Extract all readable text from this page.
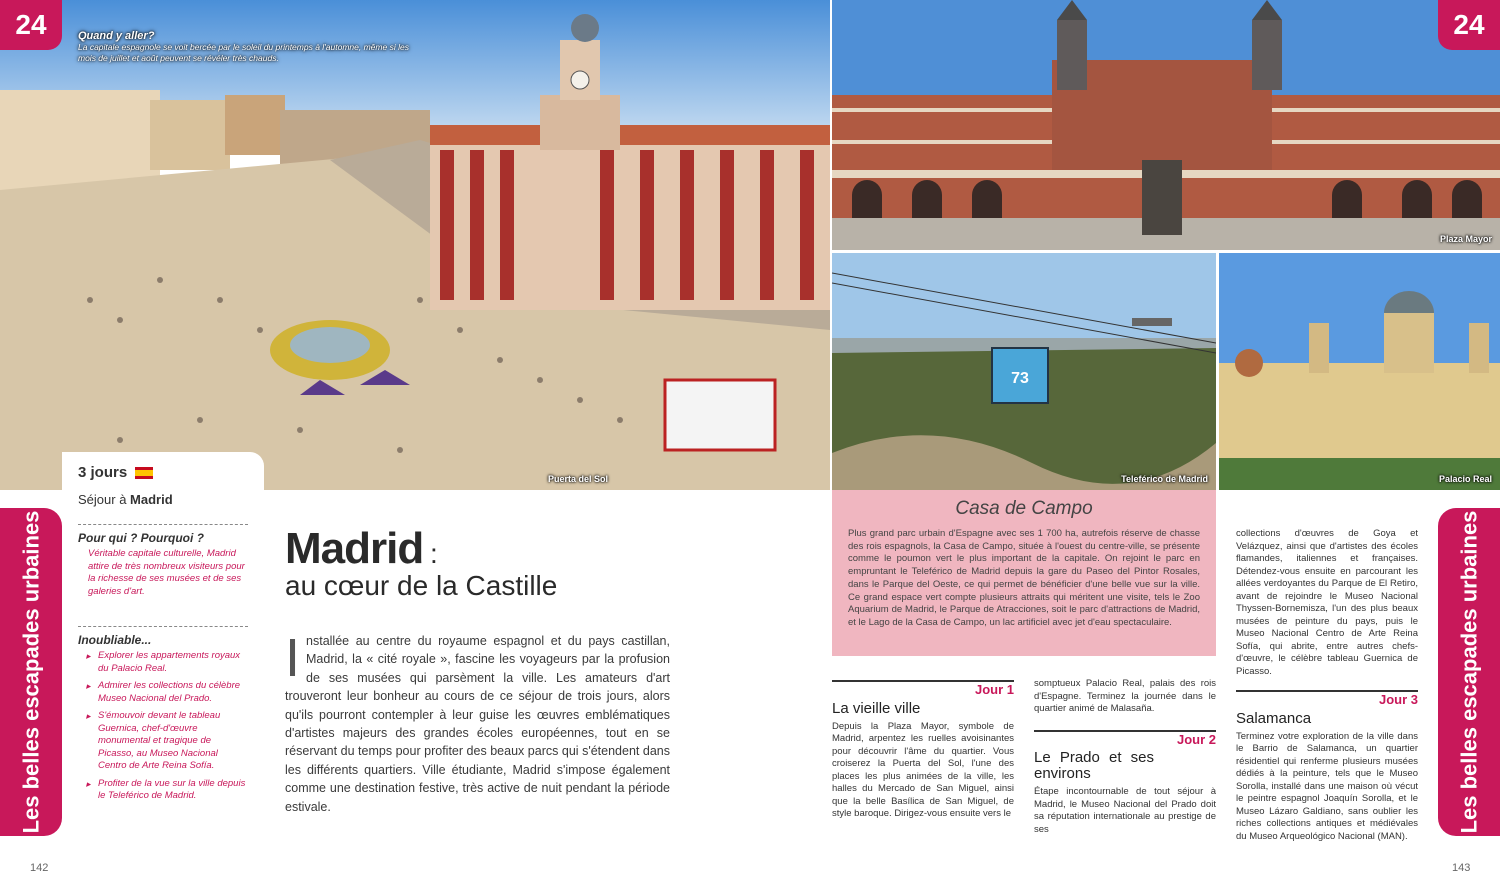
Puerta del Sol
Plaza Mayor
73
Teleférico de Madrid	Palacio Real
24	24
Quand y aller?

La capitale espagnole se voit bercée par le soleil du printemps à l'automne, même si les mois de juillet et août peuvent se révéler très chauds.

3 jours
Séjour à Madrid
Pour qui ? Pourquoi ?

Véritable capitale culturelle, Madrid attire de très nombreux visiteurs pour la richesse de ses musées et de ses galeries d'art.

Inoubliable...
▸ Explorer les appartements royaux du Palacio Real.
▸ Admirer les collections du célèbre Museo Nacional del Prado.
▸ S'émouvoir devant le tableau Guernica, chef-d'œuvre monumental et tragique de Picasso, au Museo Nacional Centro de Arte Reina Sofía.
▸ Profiter de la vue sur la ville depuis le Teleférico de Madrid.
Les belles escapades urbaines	Les belles escapades urbaines
Madrid :
au cœur de la Castille
Installée au centre du royaume espagnol et du pays castillan, Madrid, la « cité royale », fascine les voyageurs par la profusion de ses musées qui parsèment la ville. Les amateurs d'art trouveront leur bonheur au cours de ce séjour de trois jours, alors qu'ils pourront contempler à leur guise les œuvres emblématiques d'artistes majeurs des grandes écoles européennes, tout en se réservant du temps pour profiter des beaux parcs qui s'étendent dans les différents quartiers. Ville étudiante, Madrid s'impose également comme une destination festive, très active de nuit pendant la période estivale.
142	143
Casa de Campo

Plus grand parc urbain d'Espagne avec ses 1 700 ha, autrefois réserve de chasse des rois espagnols, la Casa de Campo, située à l'ouest du centre-ville, se présente comme le poumon vert le plus important de la capitale. On rejoint le parc en empruntant le Teleférico de Madrid depuis la gare du Paseo del Pintor Rosales, dans le Parque del Oeste, ce qui permet de bénéficier d'une belle vue sur la ville. Ce grand espace vert compte plusieurs attraits qui méritent une visite, tels le Zoo Aquarium de Madrid, le Parque de Atracciones, soit le parc d'attractions de Madrid, et le Lago de la Casa de Campo, un lac artificiel avec jet d'eau spectaculaire.

Jour 1
La vieille ville

Depuis la Plaza Mayor, symbole de Madrid, arpentez les ruelles avoisinantes pour découvrir l'âme du quartier. Vous croiserez la Puerta del Sol, l'une des places les plus animées de la ville, les halles du Mercado de San Miguel, ainsi que la belle Basílica de San Miguel, de style baroque. Dirigez-vous ensuite vers le

somptueux Palacio Real, palais des rois d'Espagne. Terminez la journée dans le quartier animé de Malasaña.

Jour 2
Le Prado et ses environs

Étape incontournable de tout séjour à Madrid, le Museo Nacional del Prado doit sa réputation internationale au prestige de ses

collections d'œuvres de Goya et Velázquez, ainsi que d'artistes des écoles flamandes, italiennes et françaises. Détendez-vous ensuite en parcourant les allées verdoyantes du Parque de El Retiro, avant de rejoindre le Museo Nacional Thyssen-Bornemisza, l'un des plus beaux musées de peinture du pays, puis le Museo Nacional Centro de Arte Reina Sofía, qui abrite, entre autres chefs-d'œuvre, le célèbre tableau Guernica de Picasso.

Jour 3
Salamanca

Terminez votre exploration de la ville dans le Barrio de Salamanca, un quartier résidentiel qui renferme plusieurs musées dédiés à la peinture, tels que le Museo Sorolla, installé dans une maison où vécut le peintre espagnol Joaquín Sorolla, et le Museo Lázaro Galdiano, sans oublier les riches collections antiques et médiévales du Museo Arqueológico Nacional (MAN).
